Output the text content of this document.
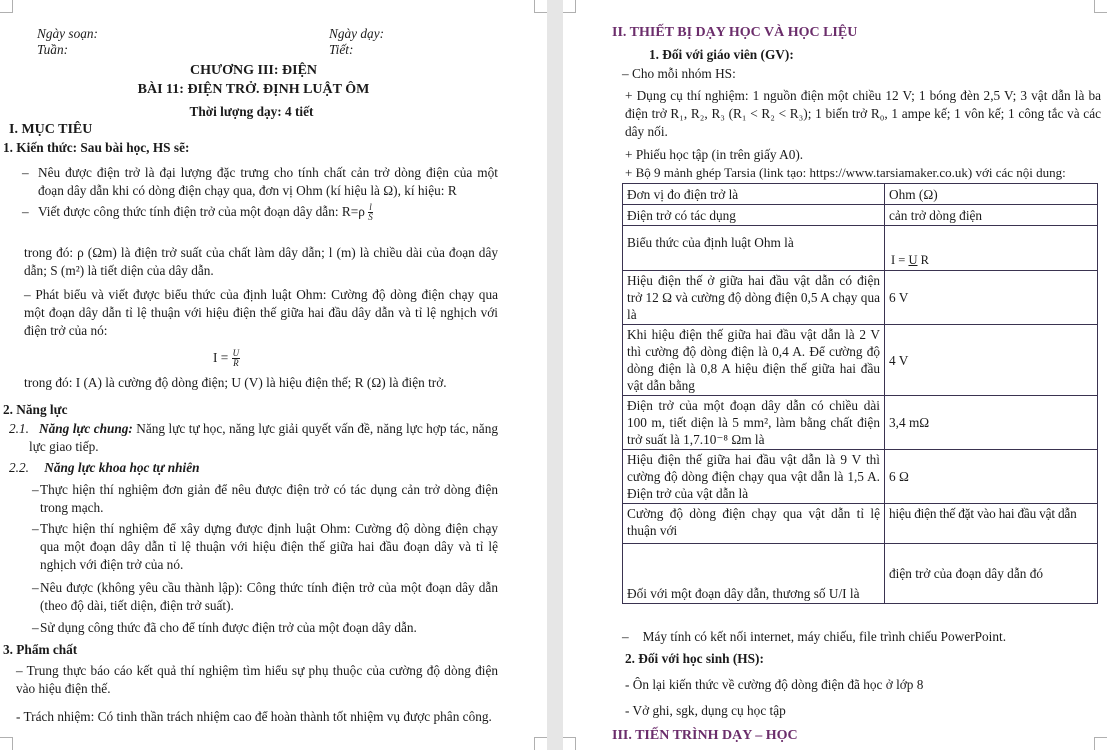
Ngày soạn:	Ngày dạy:
Tuần:	Tiết:
CHƯƠNG III: ĐIỆN
BÀI 11: ĐIỆN TRỞ. ĐỊNH LUẬT ÔM
Thời lượng dạy: 4 tiết
I. MỤC TIÊU
1. Kiến thức: Sau bài học, HS sẽ:
– Nêu được điện trở là đại lượng đặc trưng cho tính chất cản trở dòng điện của một đoạn dây dẫn khi có dòng điện chạy qua, đơn vị Ohm (kí hiệu là Ω), kí hiệu: R
– Viết được công thức tính điện trở của một đoạn dây dẫn: $R=\rho \frac{l}{S}$
trong đó: ρ (Ωm) là điện trở suất của chất làm dây dẫn; l (m) là chiều dài của đoạn dây dẫn; S (m²) là tiết diện của dây dẫn.
– Phát biểu và viết được biểu thức của định luật Ohm: Cường độ dòng điện chạy qua một đoạn dây dẫn tỉ lệ thuận với hiệu điện thế giữa hai đầu dây dẫn và tỉ lệ nghịch với điện trở của nó:
$I = \frac{U}{R}$
trong đó: I (A) là cường độ dòng điện; U (V) là hiệu điện thế; R (Ω) là điện trở.
2. Năng lực
2.1. Năng lực chung: Năng lực tự học, năng lực giải quyết vấn đề, năng lực hợp tác, năng lực giao tiếp.
2.2. Năng lực khoa học tự nhiên
– Thực hiện thí nghiệm đơn giản để nêu được điện trở có tác dụng cản trở dòng điện trong mạch.
– Thực hiện thí nghiệm để xây dựng được định luật Ohm: Cường độ dòng điện chạy qua một đoạn dây dẫn tỉ lệ thuận với hiệu điện thế giữa hai đầu đoạn dây và tỉ lệ nghịch với điện trở của nó.
– Nêu được (không yêu cầu thành lập): Công thức tính điện trở của một đoạn dây dẫn (theo độ dài, tiết diện, điện trở suất).
– Sử dụng công thức đã cho để tính được điện trở của một đoạn dây dẫn.
3. Phẩm chất
– Trung thực báo cáo kết quả thí nghiệm tìm hiểu sự phụ thuộc của cường độ dòng điện vào hiệu điện thế.
- Trách nhiệm: Có tinh thần trách nhiệm cao để hoàn thành tốt nhiệm vụ được phân công.
II. THIẾT BỊ DẠY HỌC VÀ HỌC LIỆU
1. Đối với giáo viên (GV):
– Cho mỗi nhóm HS:
+ Dụng cụ thí nghiệm: 1 nguồn điện một chiều 12 V; 1 bóng đèn 2,5 V; 3 vật dẫn là ba điện trở R₁, R₂, R₃ (R₁ < R₂ < R₃); 1 biến trở R₀, 1 ampe kế; 1 vôn kế; 1 công tắc và các dây nối.
+ Phiếu học tập (in trên giấy A0).
+ Bộ 9 mảnh ghép Tarsia (link tạo: https://www.tarsiamaker.co.uk) với các nội dung:
Đơn vị đo điện trở là	Ohm (Ω)
Điện trở có tác dụng	cản trở dòng điện
Biểu thức của định luật Ohm là	I = U R
Hiệu điện thế ở giữa hai đầu vật dẫn có điện trở 12 Ω và cường độ dòng điện 0,5 A chạy qua là	6 V
Khi hiệu điện thế giữa hai đầu vật dẫn là 2 V thì cường độ dòng điện là 0,4 A. Để cường độ dòng điện là 0,8 A hiệu điện thế giữa hai đầu vật dẫn bằng	4 V
Điện trở của một đoạn dây dẫn có chiều dài 100 m, tiết diện là 5 mm², làm bằng chất điện trở suất là 1,7.10⁻⁸ Ωm là	3,4 mΩ
Hiệu điện thế giữa hai đầu vật dẫn là 9 V thì cường độ dòng điện chạy qua vật dẫn là 1,5 A. Điện trở của vật dẫn là	6 Ω
Cường độ dòng điện chạy qua vật dẫn tỉ lệ thuận với	hiệu điện thế đặt vào hai đầu vật dẫn
Đối với một đoạn dây dẫn, thương số U/I là	điện trở của đoạn dây dẫn đó
– Máy tính có kết nối internet, máy chiếu, file trình chiếu PowerPoint.
2. Đối với học sinh (HS):
- Ôn lại kiến thức về cường độ dòng điện đã học ở lớp 8
- Vở ghi, sgk, dụng cụ học tập
III. TIẾN TRÌNH DẠY – HỌC
